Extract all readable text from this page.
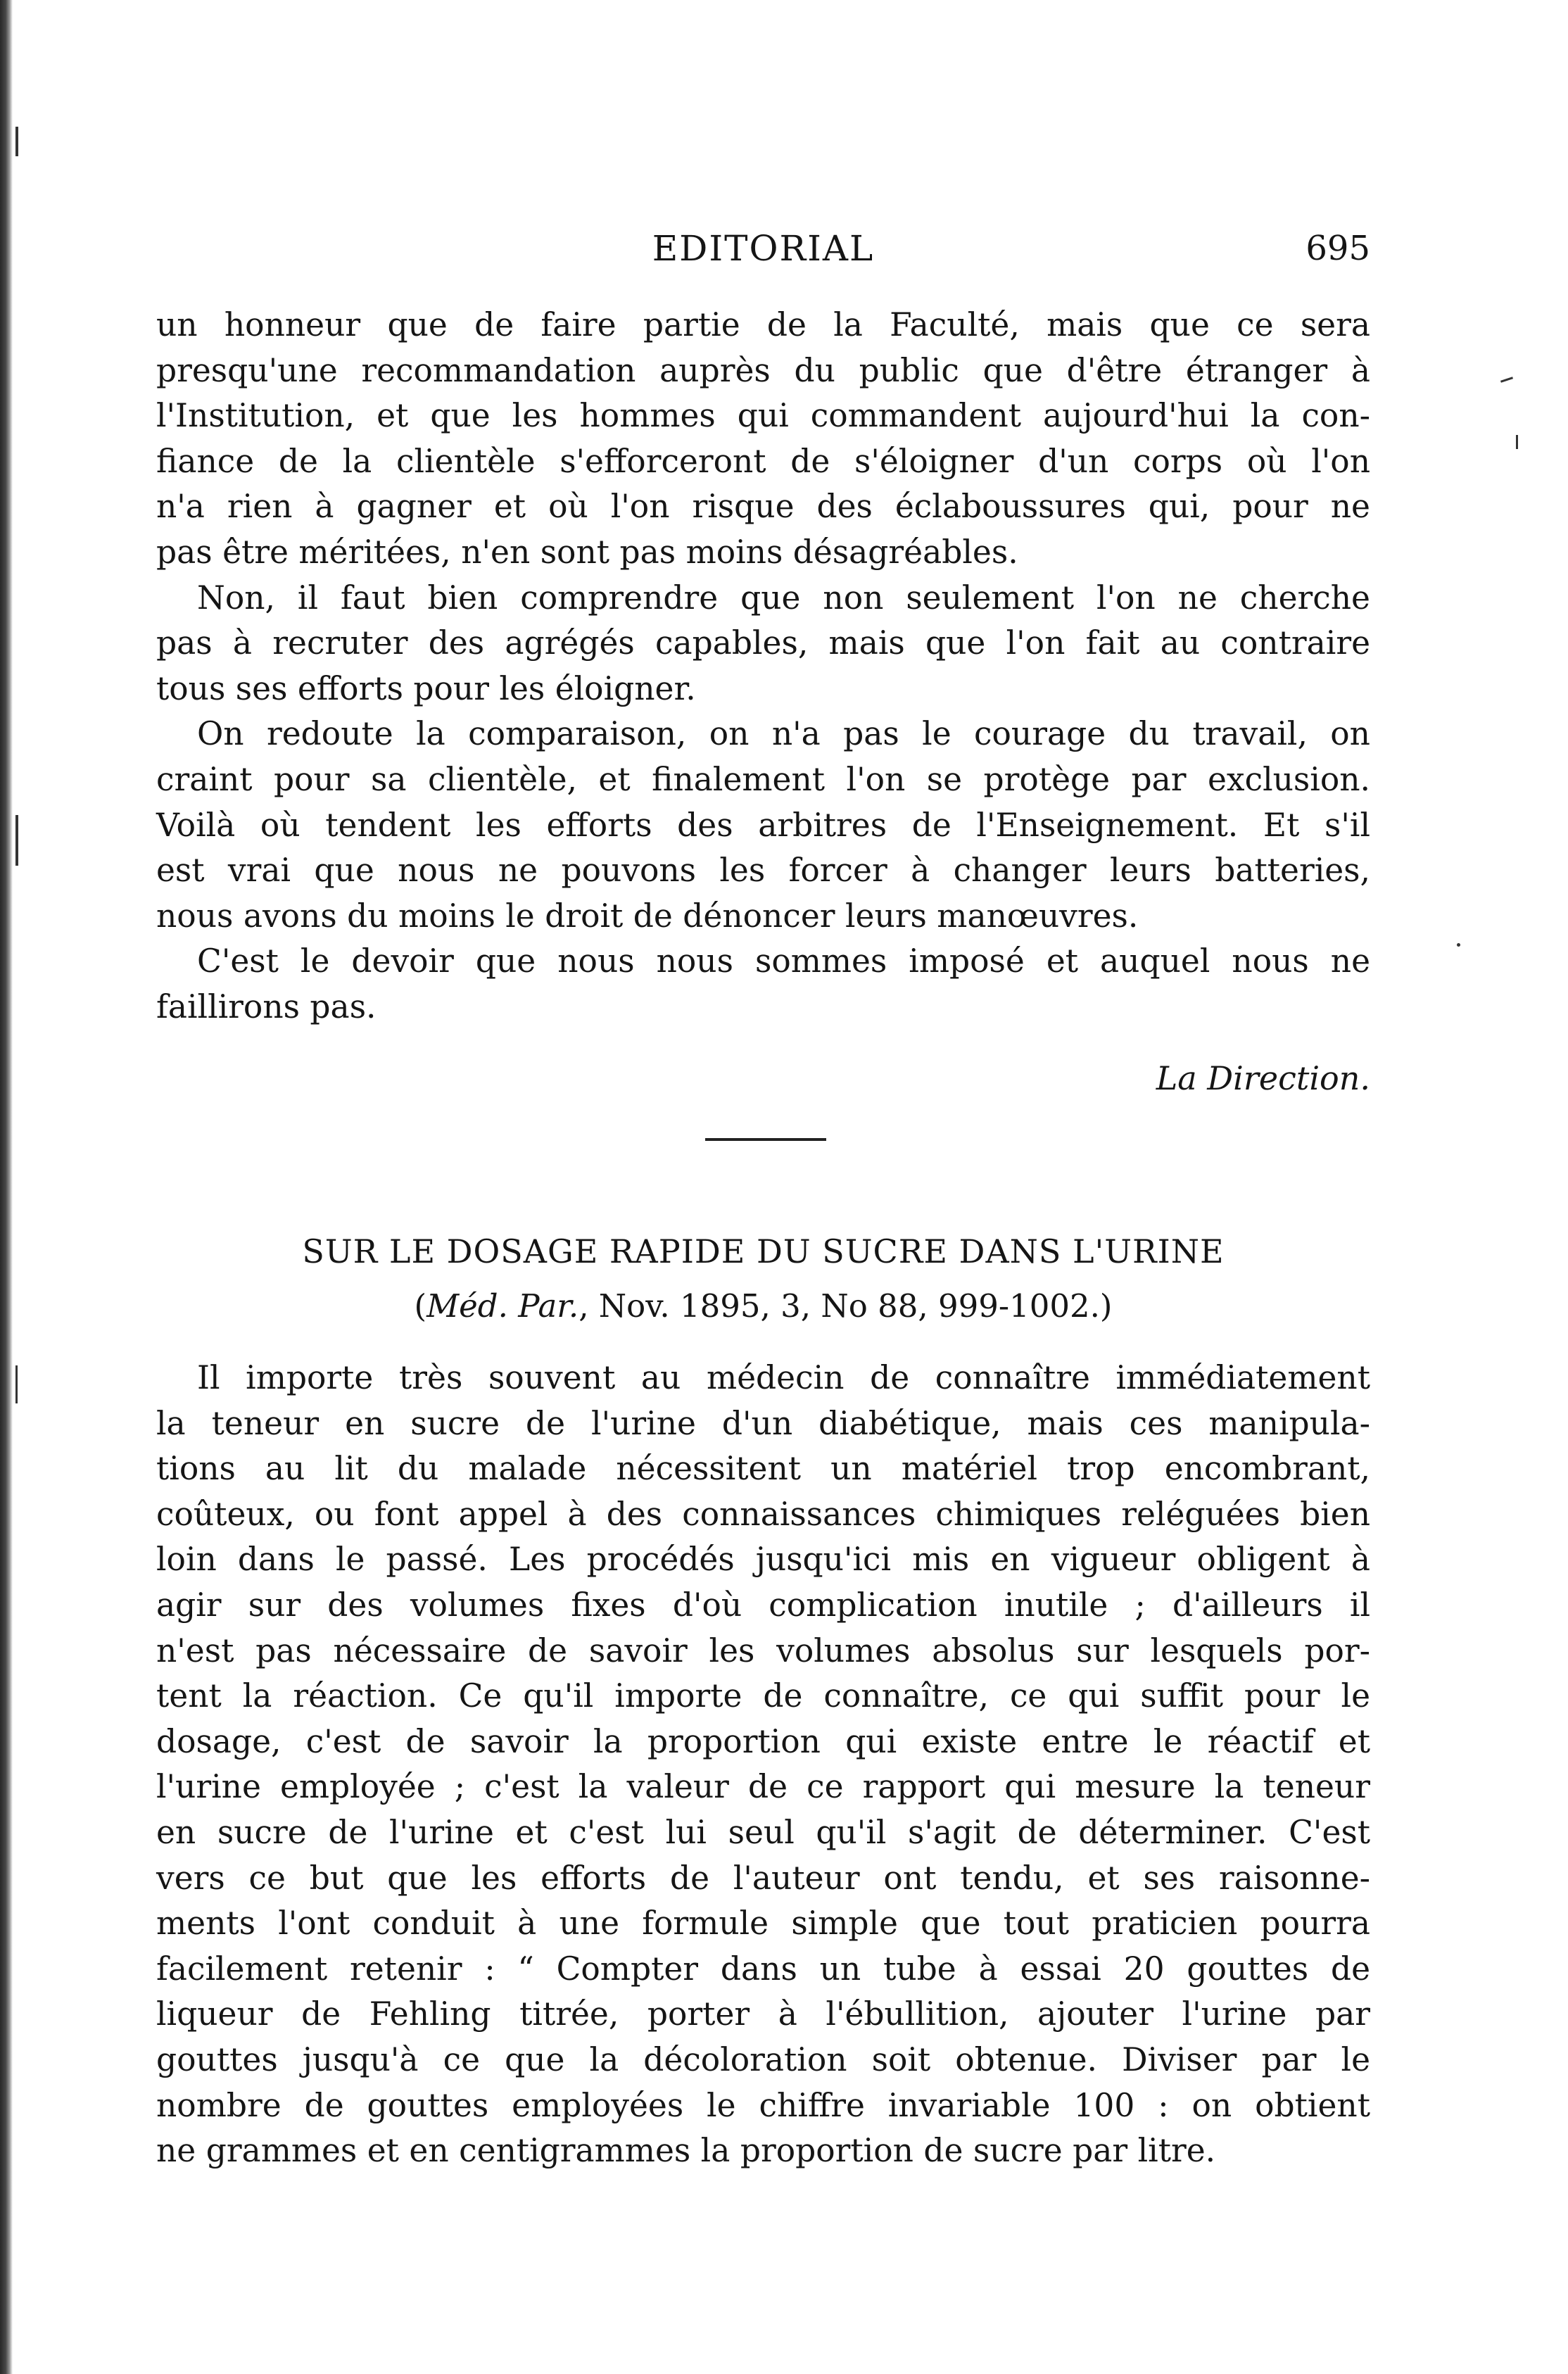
EDITORIAL	695
un honneur que de faire partie de la Faculté, mais que ce sera
presqu'une recommandation auprès du public que d'être étranger à
l'Institution, et que les hommes qui commandent aujourd'hui la con-
fiance de la clientèle s'efforceront de s'éloigner d'un corps où l'on
n'a rien à gagner et où l'on risque des éclaboussures qui, pour ne
pas être méritées, n'en sont pas moins désagréables.
Non, il faut bien comprendre que non seulement l'on ne cherche
pas à recruter des agrégés capables, mais que l'on fait au contraire
tous ses efforts pour les éloigner.
On redoute la comparaison, on n'a pas le courage du travail, on
craint pour sa clientèle, et finalement l'on se protège par exclusion.
Voilà où tendent les efforts des arbitres de l'Enseignement. Et s'il
est vrai que nous ne pouvons les forcer à changer leurs batteries,
nous avons du moins le droit de dénoncer leurs manœuvres.
C'est le devoir que nous nous sommes imposé et auquel nous ne
faillirons pas.
La Direction.
SUR LE DOSAGE RAPIDE DU SUCRE DANS L'URINE
(Méd. Par., Nov. 1895, 3, No 88, 999-1002.)
Il importe très souvent au médecin de connaître immédiatement
la teneur en sucre de l'urine d'un diabétique, mais ces manipula-
tions au lit du malade nécessitent un matériel trop encombrant,
coûteux, ou font appel à des connaissances chimiques reléguées bien
loin dans le passé. Les procédés jusqu'ici mis en vigueur obligent à
agir sur des volumes fixes d'où complication inutile ; d'ailleurs il
n'est pas nécessaire de savoir les volumes absolus sur lesquels por-
tent la réaction. Ce qu'il importe de connaître, ce qui suffit pour le
dosage, c'est de savoir la proportion qui existe entre le réactif et
l'urine employée ; c'est la valeur de ce rapport qui mesure la teneur
en sucre de l'urine et c'est lui seul qu'il s'agit de déterminer. C'est
vers ce but que les efforts de l'auteur ont tendu, et ses raisonne-
ments l'ont conduit à une formule simple que tout praticien pourra
facilement retenir : “ Compter dans un tube à essai 20 gouttes de
liqueur de Fehling titrée, porter à l'ébullition, ajouter l'urine par
gouttes jusqu'à ce que la décoloration soit obtenue. Diviser par le
nombre de gouttes employées le chiffre invariable 100 : on obtient
ne grammes et en centigrammes la proportion de sucre par litre.
